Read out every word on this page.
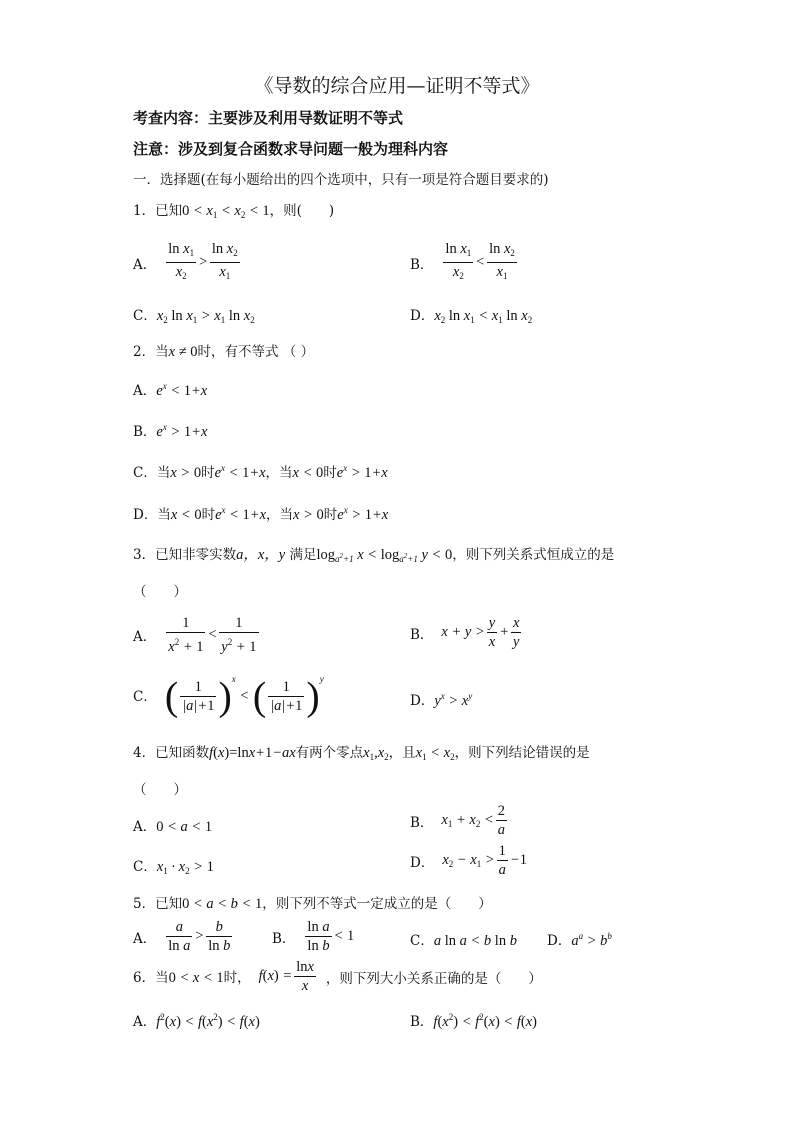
《导数的综合应用—证明不等式》
考查内容：主要涉及利用导数证明不等式
注意：涉及到复合函数求导问题一般为理科内容
一．选择题(在每小题给出的四个选项中，只有一项是符合题目要求的)
1．已知$0 < x_1 < x_2 < 1$，则(　　)
A． $\frac{\ln x_1}{x_2} > \frac{\ln x_2}{x_1}$	B． $\frac{\ln x_1}{x_2} < \frac{\ln x_2}{x_1}$
C．$x_2$ $\ln x_1 > x_1$ $\ln x_2$	D．$x_2$ $\ln x_1 < x_1$ $\ln x_2$
2．当x ≠ 0时，有不等式 （ ）
A．$e^x < 1+x$
B．$e^x > 1+x$
C．当x > 0时$e^x < 1+x$，当x < 0时$e^x > 1+x$
D．当x < 0时$e^x < 1+x$，当x > 0时$e^x > 1+x$
3．已知非零实数a，x，y 满足$\log_{a^2+1} x < \log_{a^2+1} y < 0$，则下列关系式恒成立的是
（　　）
A． $\frac{1}{x^2 + 1} < \frac{1}{y^2 + 1}$	B． $x + y > \frac{y}{x} + \frac{x}{y}$
C． ( $\frac{1}{|a|+1} )^x$ < ( $\frac{1}{|a|+1} )^y$
D．$y^x > x^y$
4．已知函数f(x)=lnx+1−ax有两个零点$x_1,x_2$，且$x_1 < x_2$，则下列结论错误的是
（　　）
A．0 < a < 1	B． $x_1 + x_2 < \frac{2}{a}$
C．$x_1 \cdot x_2 > 1$	D． $x_2 - x_1 > \frac{1}{a} -1$
5．已知0 < a < b < 1，则下列不等式一定成立的是（　　）
A． $\frac{a}{\text{ln a}} > \frac{b}{\text{ln b}}$	B． $\frac{\text{ln a}}{\text{ln b}} < 1$	C．a ln a < b ln b D．$a^a > b^b$
6．当0 < x < 1时， $f(x) = \frac{\ln x}{x}$ ，则下列大小关系正确的是（　　）
A．$f^2(x) < f(x^2) < f(x)$	B．$f(x^2) < f^2(x) < f(x)$
